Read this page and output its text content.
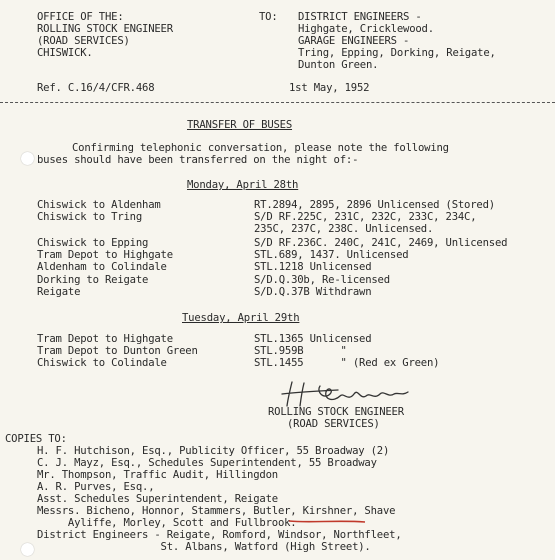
OFFICE OF THE:
ROLLING STOCK ENGINEER
(ROAD SERVICES)
CHISWICK.
TO: DISTRICT ENGINEERS -
Highgate, Cricklewood.
GARAGE ENGINEERS -
Tring, Epping, Dorking, Reigate,
Dunton Green.
Ref. C.16/4/CFR.468	1st May, 1952
TRANSFER OF BUSES
Confirming telephonic conversation, please note the following
buses should have been transferred on the night of:-
Monday, April 28th
Chiswick to Aldenham	RT.2894, 2895, 2896 Unlicensed (Stored)
Chiswick to Tring	S/D RF.225C, 231C, 232C, 233C, 234C,
235C, 237C, 238C. Unlicensed.
Chiswick to Epping	S/D RF.236C. 240C, 241C, 2469, Unlicensed
Tram Depot to Highgate	STL.689, 1437. Unlicensed
Aldenham to Colindale	STL.1218 Unlicensed
Dorking to Reigate	S/D.Q.30b, Re-licensed
Reigate	S/D.Q.37B Withdrawn
Tuesday, April 29th
Tram Depot to Highgate	STL.1365 Unlicensed
Tram Depot to Dunton Green	STL.959B      "
Chiswick to Colindale	STL.1455      " (Red ex Green)
ROLLING STOCK ENGINEER
(ROAD SERVICES)
COPIES TO:
H. F. Hutchison, Esq., Publicity Officer, 55 Broadway (2)
C. J. Mayz, Esq., Schedules Superintendent, 55 Broadway
Mr. Thompson, Traffic Audit, Hillingdon
A. R. Purves, Esq.,
Asst. Schedules Superintendent, Reigate
Messrs. Bicheno, Honnor, Stammers, Butler, Kirshner, Shave
Ayliffe, Morley, Scott and Fullbrook.
District Engineers - Reigate, Romford, Windsor, Northfleet,
St. Albans, Watford (High Street).
